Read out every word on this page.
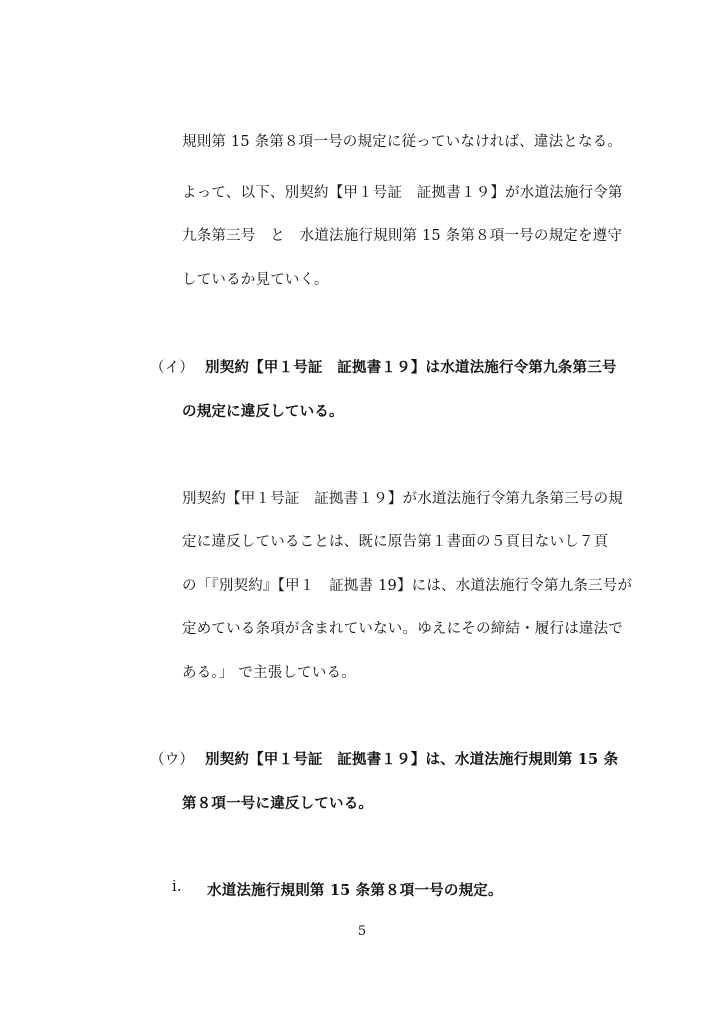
規則第 15 条第８項一号の規定に従っていなければ、違法となる。
よって、以下、別契約【甲１号証　証拠書１９】が水道法施行令第
九条第三号　と　水道法施行規則第 15 条第８項一号の規定を遵守
しているか見ていく。
（イ） 別契約【甲１号証　証拠書１９】は水道法施行令第九条第三号
の規定に違反している。
別契約【甲１号証　証拠書１９】が水道法施行令第九条第三号の規
定に違反していることは、既に原告第１書面の５頁目ないし７頁
の「『別契約』【甲１　証拠書 19】には、水道法施行令第九条三号が
定めている条項が含まれていない。ゆえにその締結・履行は違法で
ある。」 で主張している。
（ウ） 別契約【甲１号証　証拠書１９】は、水道法施行規則第 15 条
第８項一号に違反している。
i. 水道法施行規則第 15 条第８項一号の規定。
5
